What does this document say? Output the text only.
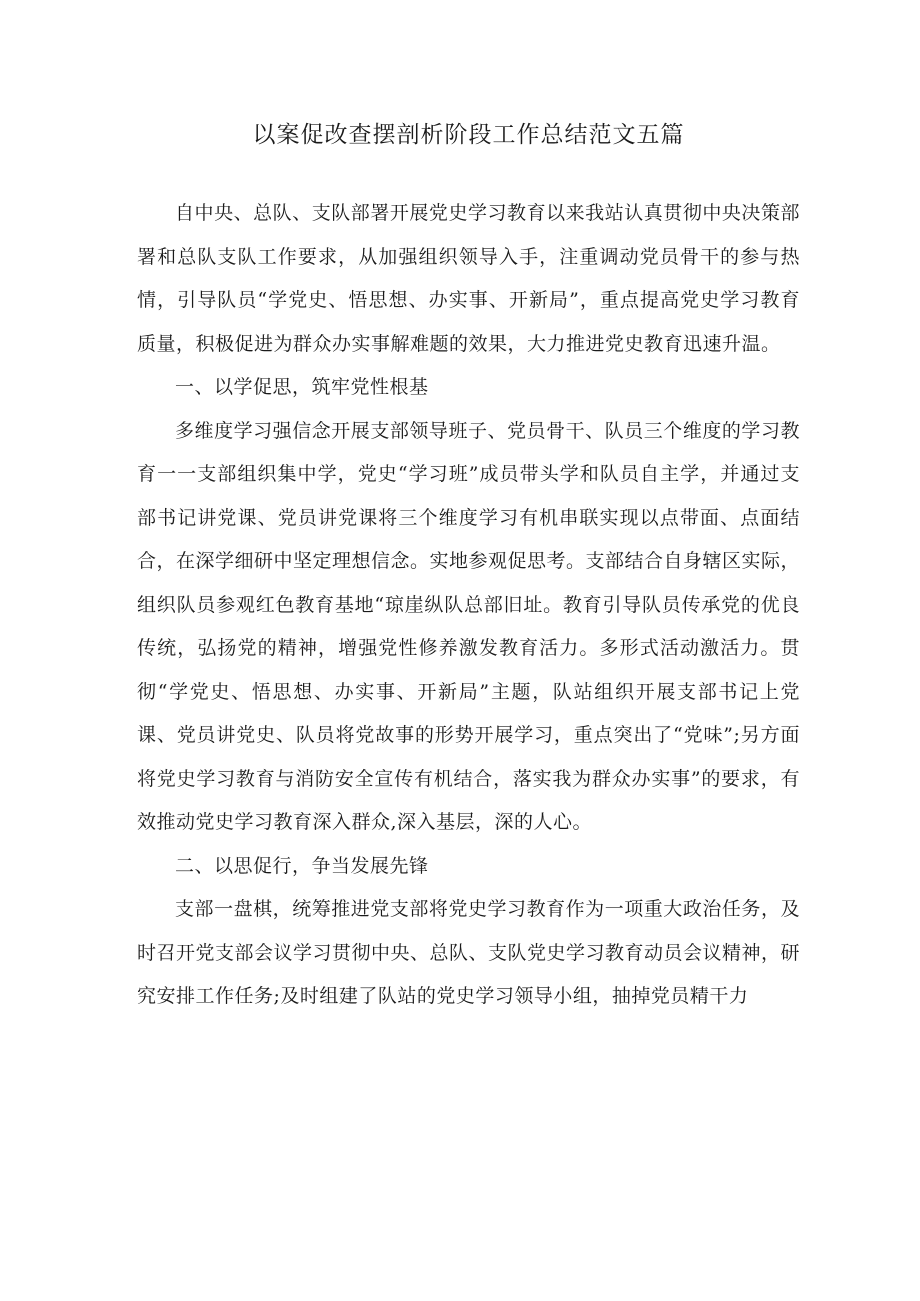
以案促改查摆剖析阶段工作总结范文五篇

自中央、总队、支队部署开展党史学习教育以来我站认真贯彻中央决策部署和总队支队工作要求，从加强组织领导入手，注重调动党员骨干的参与热情，引导队员“学党史、悟思想、办实事、开新局”，重点提高党史学习教育质量，积极促进为群众办实事解难题的效果，大力推进党史教育迅速升温。

一、以学促思，筑牢党性根基

多维度学习强信念开展支部领导班子、党员骨干、队员三个维度的学习教育一一支部组织集中学，党史“学习班”成员带头学和队员自主学，并通过支部书记讲党课、党员讲党课将三个维度学习有机串联实现以点带面、点面结合，在深学细研中坚定理想信念。实地参观促思考。支部结合自身辖区实际，组织队员参观红色教育基地“琼崖纵队总部旧址。教育引导队员传承党的优良传统，弘扬党的精神，增强党性修养激发教育活力。多形式活动激活力。贯彻“学党史、悟思想、办实事、开新局”主题，队站组织开展支部书记上党课、党员讲党史、队员将党故事的形势开展学习，重点突出了“党味”;另方面将党史学习教育与消防安全宣传有机结合，落实我为群众办实事”的要求，有效推动党史学习教育深入群众,深入基层，深的人心。

二、以思促行，争当发展先锋

支部一盘棋，统筹推进党支部将党史学习教育作为一项重大政治任务，及时召开党支部会议学习贯彻中央、总队、支队党史学习教育动员会议精神，研究安排工作任务;及时组建了队站的党史学习领导小组，抽掉党员精干力
